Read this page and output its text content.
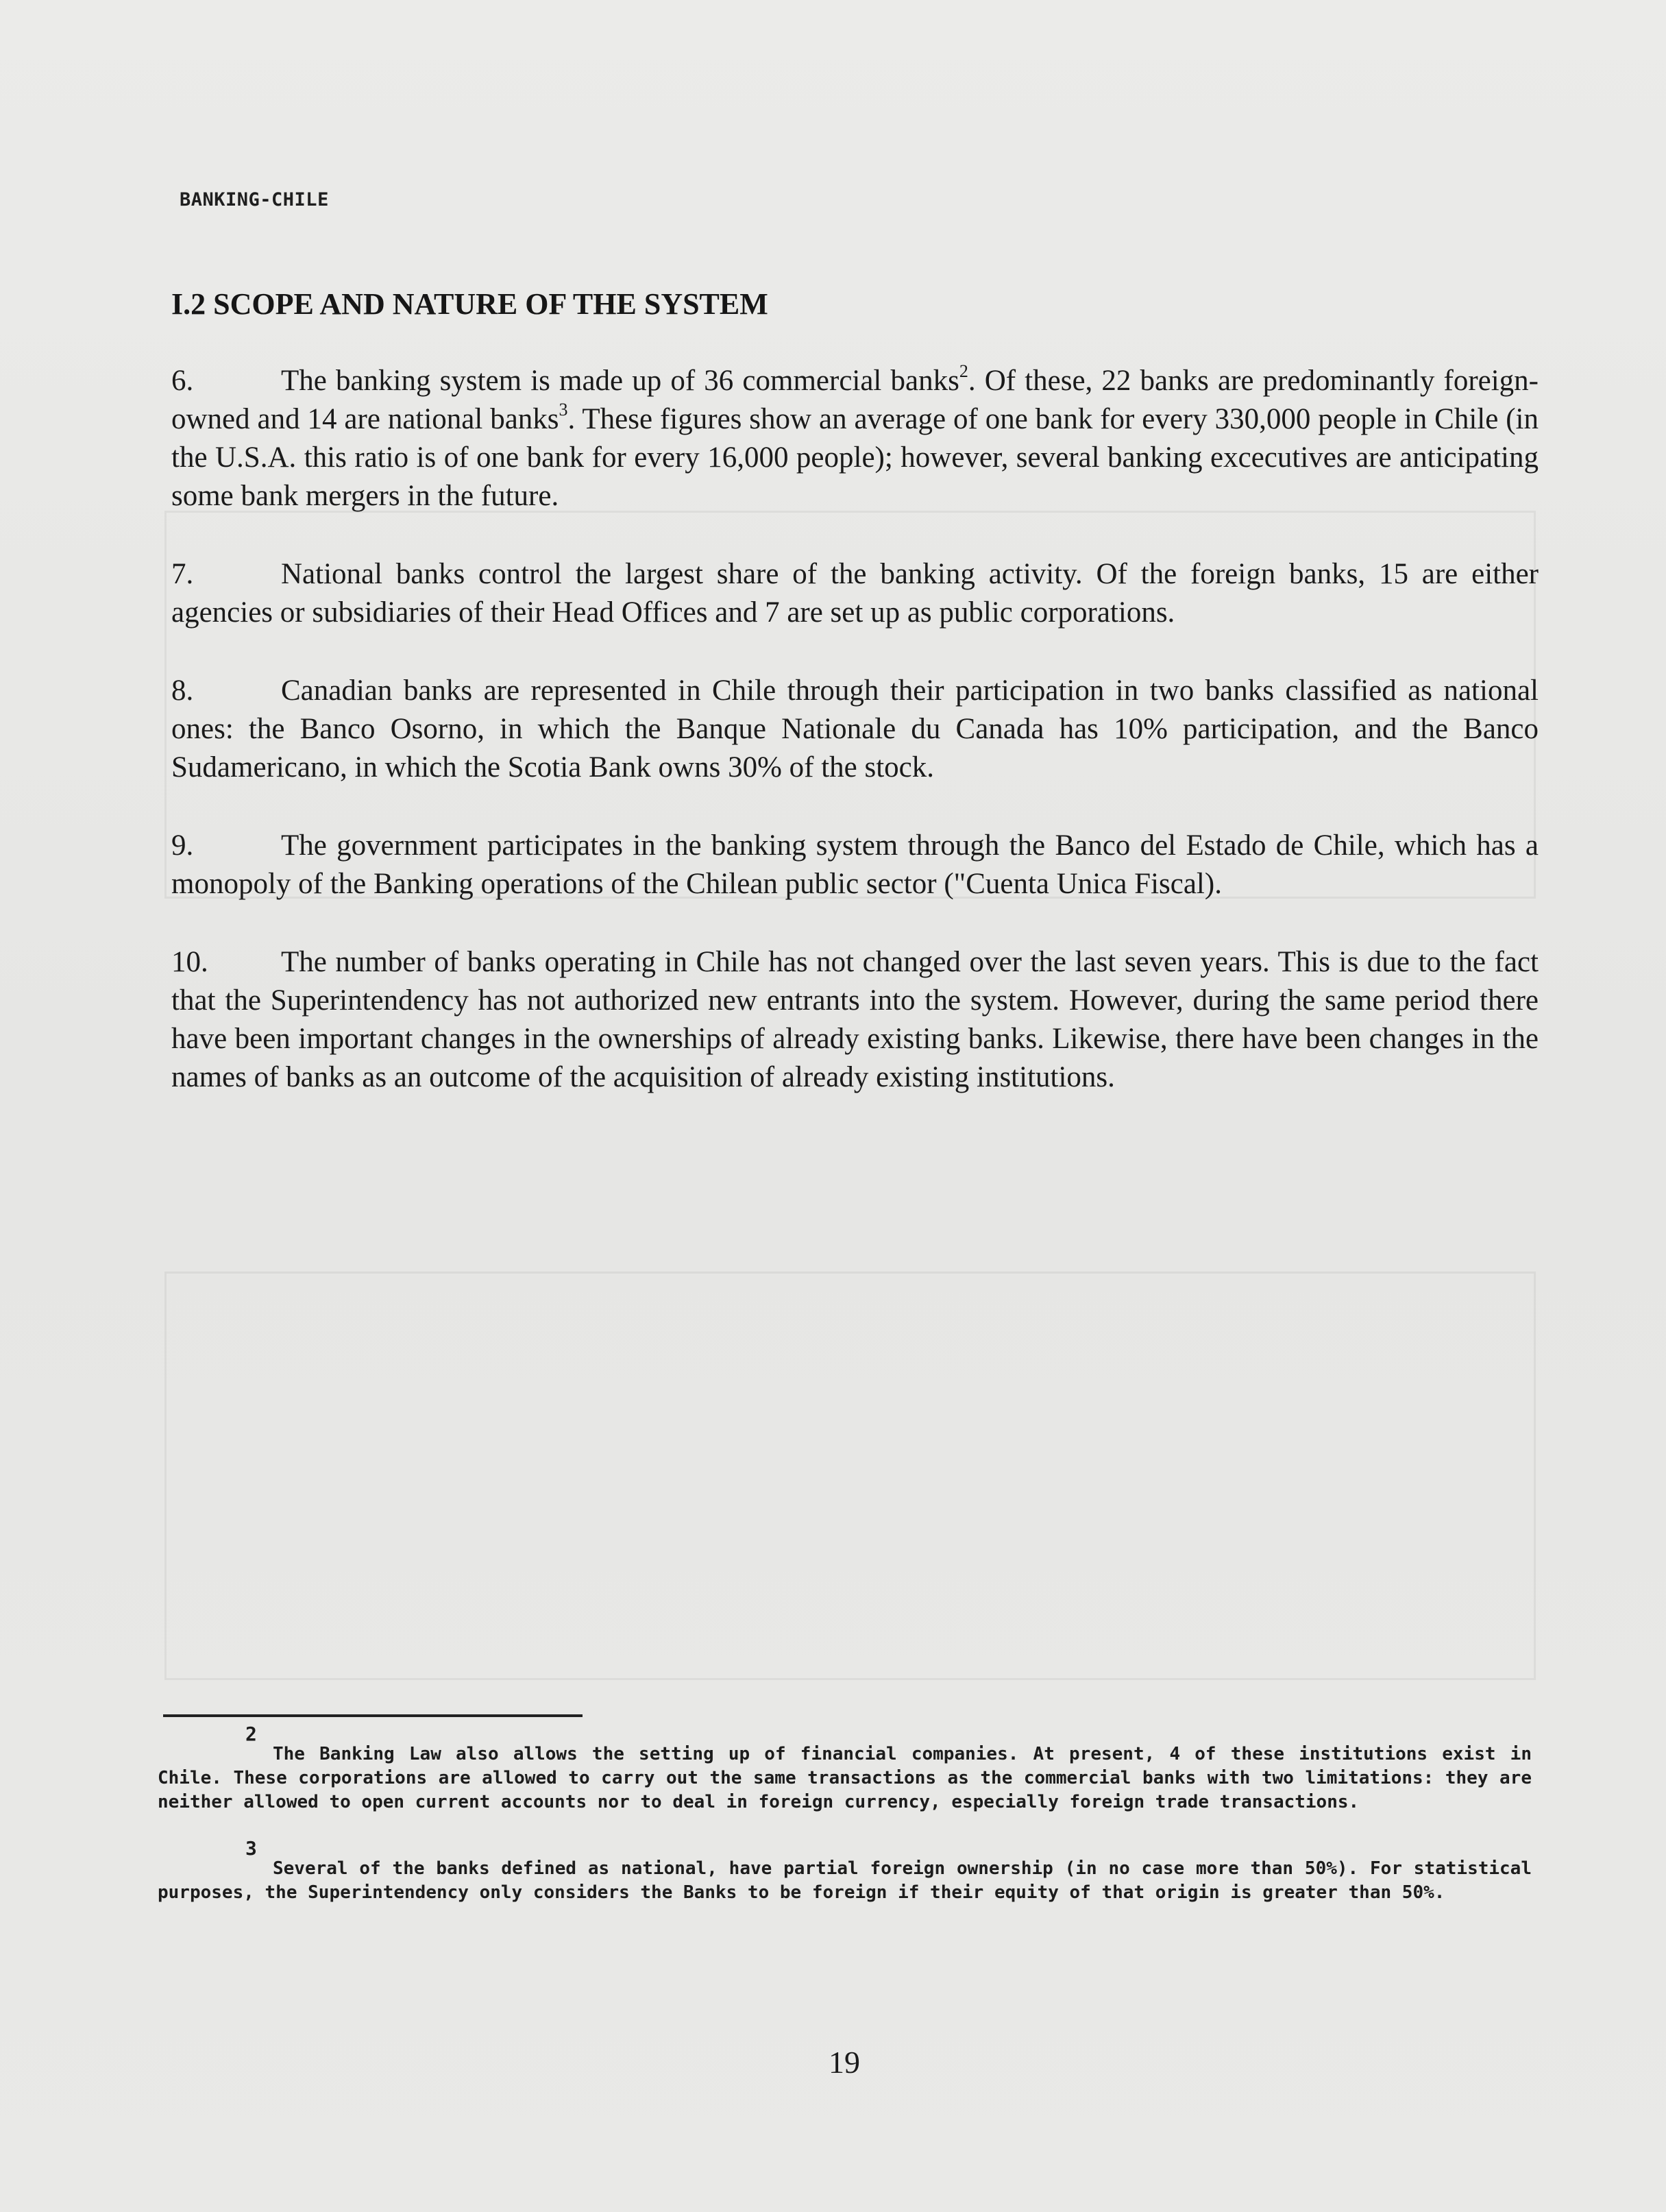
BANKING-CHILE
I.2 SCOPE AND NATURE OF THE SYSTEM

6.	The banking system is made up of 36 commercial banks$^2$. Of these, 22 banks are predominantly foreign-owned and 14 are national banks$^3$. These figures show an average of one bank for every 330,000 people in Chile (in the U.S.A. this ratio is of one bank for every 16,000 people); however, several banking excecutives are anticipating some bank mergers in the future.

7.	National banks control the largest share of the banking activity. Of the foreign banks, 15 are either agencies or subsidiaries of their Head Offices and 7 are set up as public corporations.

8.	Canadian banks are represented in Chile through their participation in two banks classified as national ones: the Banco Osorno, in which the Banque Nationale du Canada has 10% participation, and the Banco Sudamericano, in which the Scotia Bank owns 30% of the stock.

9.	The government participates in the banking system through the Banco del Estado de Chile, which has a monopoly of the Banking operations of the Chilean public sector ("Cuenta Unica Fiscal).

10. The number of banks operating in Chile has not changed over the last seven years. This is due to the fact that the Superintendency has not authorized new entrants into the system. However, during the same period there have been important changes in the ownerships of already existing banks. Likewise, there have been changes in the names of banks as an outcome of the acquisition of already existing institutions.

2
The Banking Law also allows the setting up of financial companies. At present, 4 of these institutions exist in Chile. These corporations are allowed to carry out the same transactions as the commercial banks with two limitations: they are neither allowed to open current accounts nor to deal in foreign currency, especially foreign trade transactions.
3
Several of the banks defined as national, have partial foreign ownership (in no case more than 50%). For statistical purposes, the Superintendency only considers the Banks to be foreign if their equity of that origin is greater than 50%.
19
